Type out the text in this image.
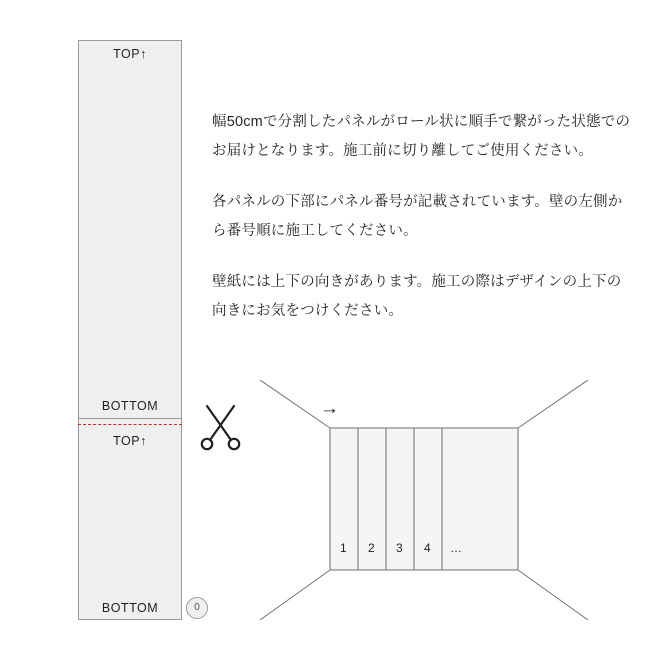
TOP↑
BOTTOM
TOP↑
BOTTOM	0

幅50cmで分割したパネルがロール状に順手で繋がった状態でのお届けとなります。施工前に切り離してご使用ください。

各パネルの下部にパネル番号が記載されています。壁の左側から番号順に施工してください。

壁紙には上下の向きがあります。施工の際はデザインの上下の向きにお気をつけください。

→
1 2 3 4 …
